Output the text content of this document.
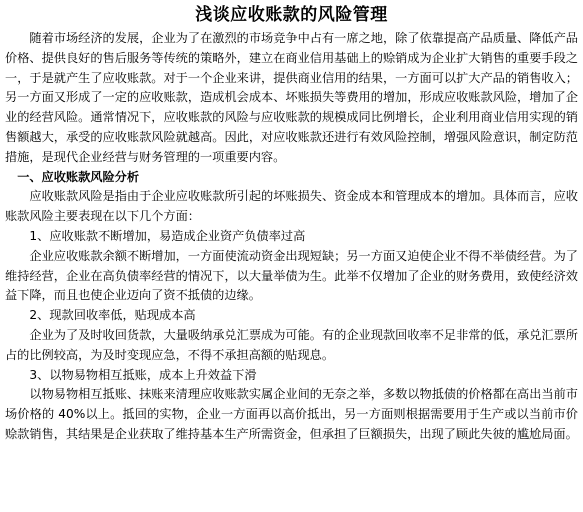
浅谈应收账款的风险管理

随着市场经济的发展，企业为了在激烈的市场竞争中占有一席之地，除了依靠提高产品质量、降低产品价格、提供良好的售后服务等传统的策略外，建立在商业信用基础上的赊销成为企业扩大销售的重要手段之一，于是就产生了应收账款。对于一个企业来讲，提供商业信用的结果，一方面可以扩大产品的销售收入；另一方面又形成了一定的应收账款，造成机会成本、坏账损失等费用的增加，形成应收账款风险，增加了企业的经营风险。通常情况下，应收账款的风险与应收账款的规模成同比例增长，企业利用商业信用实现的销售额越大，承受的应收账款风险就越高。因此，对应收账款还进行有效风险控制，增强风险意识，制定防范措施，是现代企业经营与财务管理的一项重要内容。

一、应收账款风险分析

应收账款风险是指由于企业应收账款所引起的坏账损失、资金成本和管理成本的增加。具体而言，应收账款风险主要表现在以下几个方面：

1、应收账款不断增加，易造成企业资产负债率过高

企业应收账款余额不断增加，一方面使流动资金出现短缺；另一方面又迫使企业不得不举债经营。为了维持经营，企业在高负债率经营的情况下，以大量举债为生。此举不仅增加了企业的财务费用，致使经济效益下降，而且也使企业迈向了资不抵债的边缘。

2、现款回收率低，贴现成本高

企业为了及时收回货款，大量吸纳承兑汇票成为可能。有的企业现款回收率不足非常的低，承兑汇票所占的比例较高，为及时变现应急，不得不承担高额的贴现息。

3、以物易物相互抵账，成本上升效益下滑

以物易物相互抵账、抹账来清理应收账款实属企业间的无奈之举，多数以物抵债的价格都在高出当前市场价格的 40%以上。抵回的实物，企业一方面再以高价抵出，另一方面则根据需要用于生产或以当前市价赊款销售，其结果是企业获取了维持基本生产所需资金，但承担了巨额损失，出现了顾此失彼的尴尬局面。
